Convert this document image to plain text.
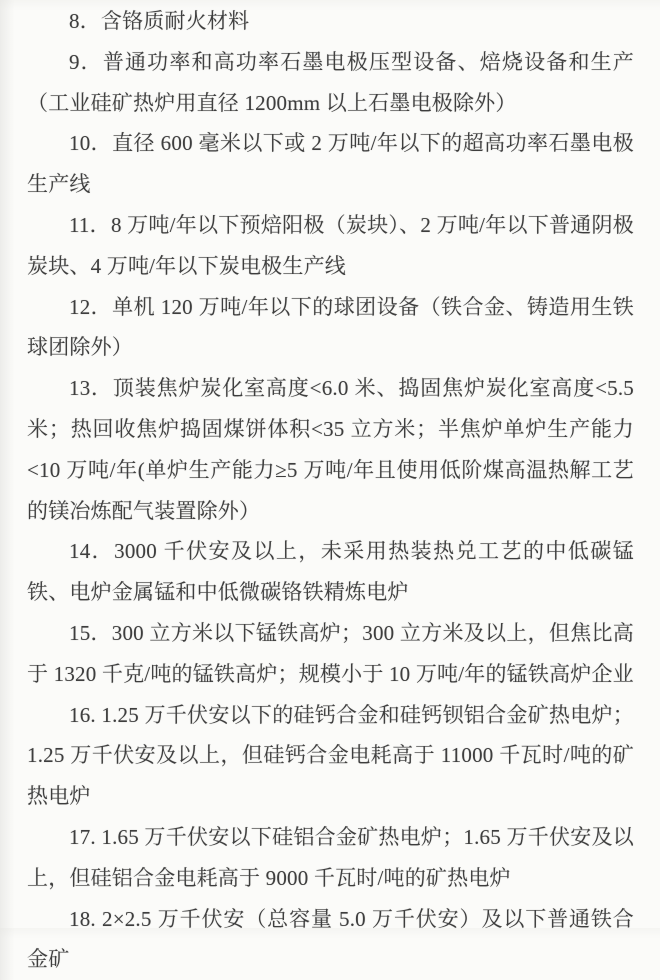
8．含铬质耐火材料

9．普通功率和高功率石墨电极压型设备、焙烧设备和生产（工业硅矿热炉用直径 1200mm 以上石墨电极除外）

10．直径 600 毫米以下或 2 万吨/年以下的超高功率石墨电极生产线

11．8 万吨/年以下预焙阳极（炭块）、2 万吨/年以下普通阴极炭块、4 万吨/年以下炭电极生产线

12．单机 120 万吨/年以下的球团设备（铁合金、铸造用生铁球团除外）

13．顶装焦炉炭化室高度<6.0 米、捣固焦炉炭化室高度<5.5 米；热回收焦炉捣固煤饼体积<35 立方米；半焦炉单炉生产能力<10 万吨/年(单炉生产能力≥5 万吨/年且使用低阶煤高温热解工艺的镁冶炼配气装置除外）

14．3000 千伏安及以上，未采用热装热兑工艺的中低碳锰铁、电炉金属锰和中低微碳铬铁精炼电炉

15．300 立方米以下锰铁高炉；300 立方米及以上，但焦比高于 1320 千克/吨的锰铁高炉；规模小于 10 万吨/年的锰铁高炉企业

16. 1.25 万千伏安以下的硅钙合金和硅钙钡铝合金矿热电炉；1.25 万千伏安及以上，但硅钙合金电耗高于 11000 千瓦时/吨的矿热电炉

17. 1.65 万千伏安以下硅铝合金矿热电炉；1.65 万千伏安及以上，但硅铝合金电耗高于 9000 千瓦时/吨的矿热电炉

18. 2×2.5 万千伏安（总容量 5.0 万千伏安）及以下普通铁合金矿
